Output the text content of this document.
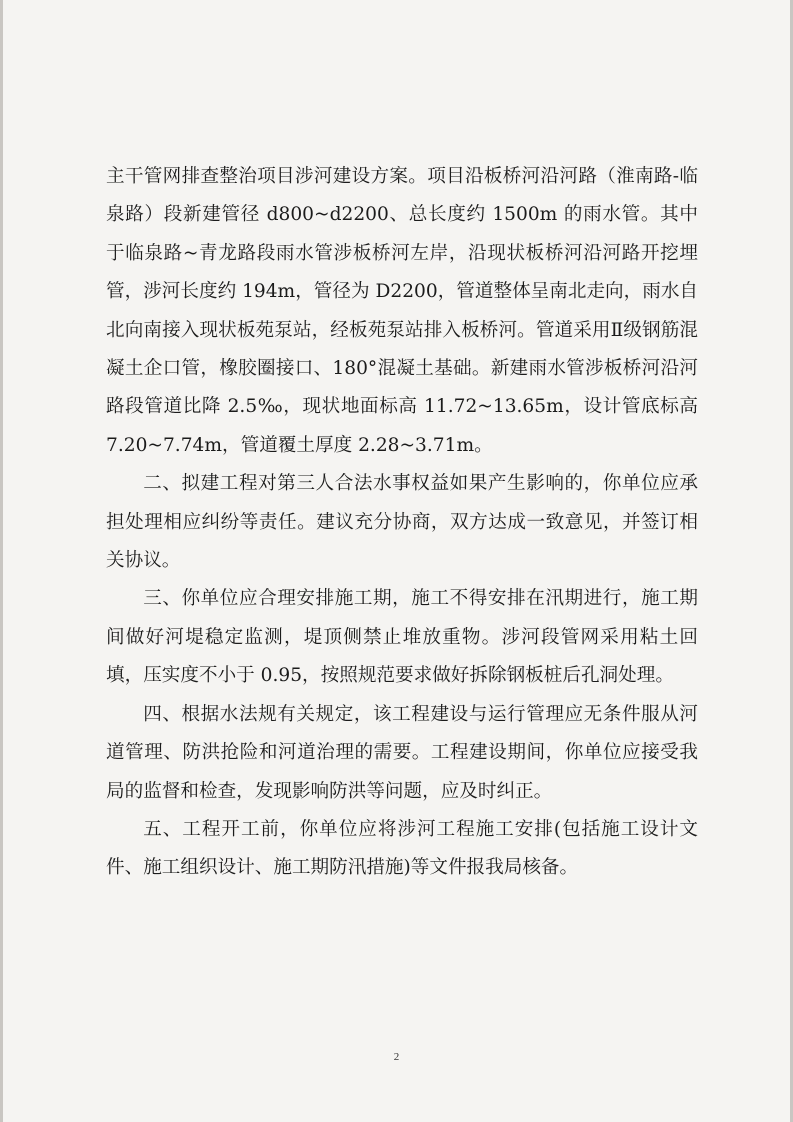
主干管网排查整治项目涉河建设方案。项目沿板桥河沿河路（淮南路-临泉路）段新建管径 d800~d2200、总长度约 1500m 的雨水管。其中于临泉路~青龙路段雨水管涉板桥河左岸，沿现状板桥河沿河路开挖埋管，涉河长度约 194m，管径为 D2200，管道整体呈南北走向，雨水自北向南接入现状板苑泵站，经板苑泵站排入板桥河。管道采用Ⅱ级钢筋混凝土企口管，橡胶圈接口、180°混凝土基础。新建雨水管涉板桥河沿河路段管道比降 2.5‰，现状地面标高 11.72~13.65m，设计管底标高 7.20~7.74m，管道覆土厚度 2.28~3.71m。

二、拟建工程对第三人合法水事权益如果产生影响的，你单位应承担处理相应纠纷等责任。建议充分协商，双方达成一致意见，并签订相关协议。

三、你单位应合理安排施工期，施工不得安排在汛期进行，施工期间做好河堤稳定监测，堤顶侧禁止堆放重物。涉河段管网采用粘土回填，压实度不小于 0.95，按照规范要求做好拆除钢板桩后孔洞处理。

四、根据水法规有关规定，该工程建设与运行管理应无条件服从河道管理、防洪抢险和河道治理的需要。工程建设期间，你单位应接受我局的监督和检查，发现影响防洪等问题，应及时纠正。

五、工程开工前，你单位应将涉河工程施工安排(包括施工设计文件、施工组织设计、施工期防汛措施)等文件报我局核备。

2
